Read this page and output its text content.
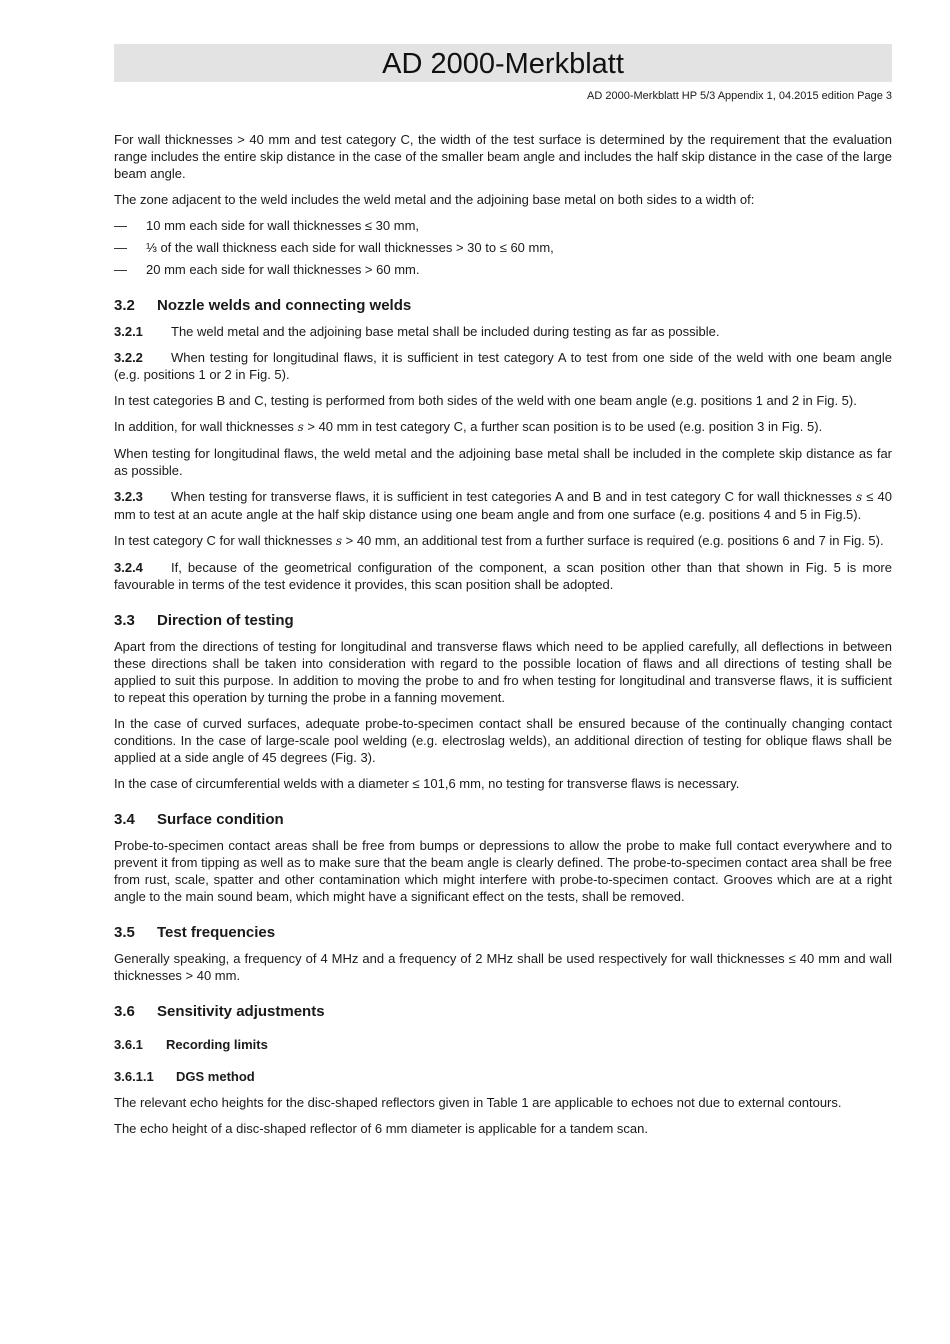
AD 2000-Merkblatt
AD 2000-Merkblatt HP 5/3 Appendix 1, 04.2015 edition Page 3

For wall thicknesses > 40 mm and test category C, the width of the test surface is determined by the requirement that the evaluation range includes the entire skip distance in the case of the smaller beam angle and includes the half skip distance in the case of the large beam angle.

The zone adjacent to the weld includes the weld metal and the adjoining base metal on both sides to a width of:

—	10 mm each side for wall thicknesses ≤ 30 mm,
—	⅓ of the wall thickness each side for wall thicknesses > 30 to ≤ 60 mm,
—	20 mm each side for wall thicknesses > 60 mm.
3.2 Nozzle welds and connecting welds

3.2.1 The weld metal and the adjoining base metal shall be included during testing as far as possible.

3.2.2 When testing for longitudinal flaws, it is sufficient in test category A to test from one side of the weld with one beam angle (e.g. positions 1 or 2 in Fig. 5).

In test categories B and C, testing is performed from both sides of the weld with one beam angle (e.g. positions 1 and 2 in Fig. 5).

In addition, for wall thicknesses s > 40 mm in test category C, a further scan position is to be used (e.g. position 3 in Fig. 5).

When testing for longitudinal flaws, the weld metal and the adjoining base metal shall be included in the complete skip distance as far as possible.

3.2.3 When testing for transverse flaws, it is sufficient in test categories A and B and in test category C for wall thicknesses s ≤ 40 mm to test at an acute angle at the half skip distance using one beam angle and from one surface (e.g. positions 4 and 5 in Fig.5).

In test category C for wall thicknesses s > 40 mm, an additional test from a further surface is required (e.g. positions 6 and 7 in Fig. 5).

3.2.4 If, because of the geometrical configuration of the component, a scan position other than that shown in Fig. 5 is more favourable in terms of the test evidence it provides, this scan position shall be adopted.

3.3 Direction of testing

Apart from the directions of testing for longitudinal and transverse flaws which need to be applied carefully, all deflections in between these directions shall be taken into consideration with regard to the possible location of flaws and all directions of testing shall be applied to suit this purpose. In addition to moving the probe to and fro when testing for longitudinal and transverse flaws, it is sufficient to repeat this operation by turning the probe in a fanning movement.

In the case of curved surfaces, adequate probe-to-specimen contact shall be ensured because of the continually changing contact conditions. In the case of large-scale pool welding (e.g. electroslag welds), an additional direction of testing for oblique flaws shall be applied at a side angle of 45 degrees (Fig. 3).

In the case of circumferential welds with a diameter ≤ 101,6 mm, no testing for transverse flaws is necessary.

3.4 Surface condition

Probe-to-specimen contact areas shall be free from bumps or depressions to allow the probe to make full contact everywhere and to prevent it from tipping as well as to make sure that the beam angle is clearly defined. The probe-to-specimen contact area shall be free from rust, scale, spatter and other contamination which might interfere with probe-to-specimen contact. Grooves which are at a right angle to the main sound beam, which might have a significant effect on the tests, shall be removed.

3.5 Test frequencies

Generally speaking, a frequency of 4 MHz and a frequency of 2 MHz shall be used respectively for wall thicknesses ≤ 40 mm and wall thicknesses > 40 mm.

3.6 Sensitivity adjustments
3.6.1 Recording limits
3.6.1.1 DGS method

The relevant echo heights for the disc-shaped reflectors given in Table 1 are applicable to echoes not due to external contours.

The echo height of a disc-shaped reflector of 6 mm diameter is applicable for a tandem scan.
